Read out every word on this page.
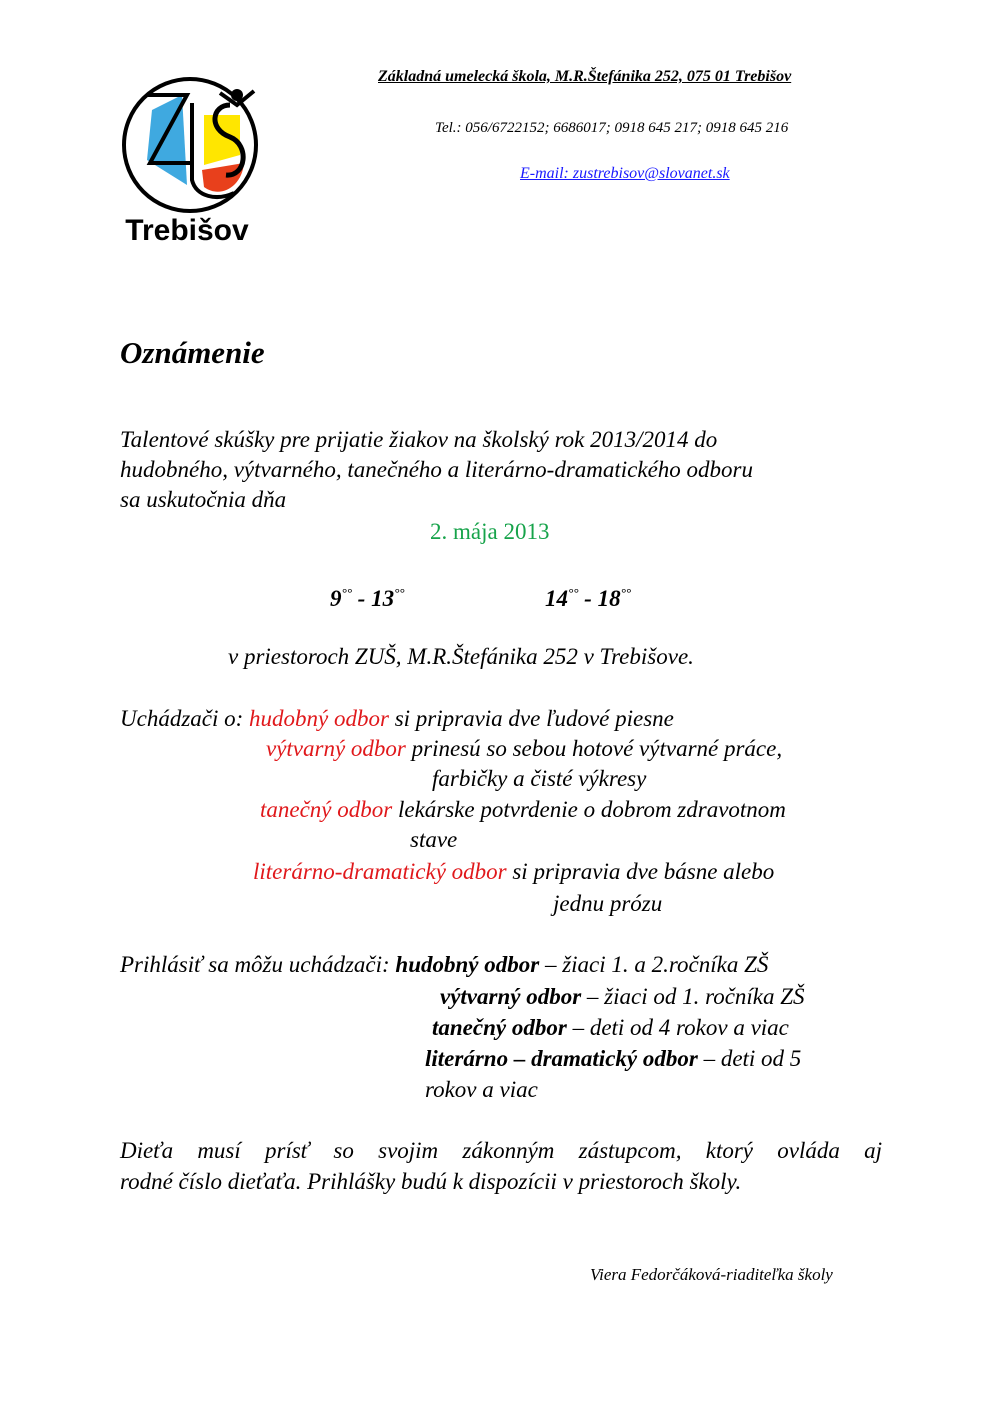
Trebišov
Základná umelecká škola, M.R.Štefánika 252, 075 01 Trebišov
Tel.: 056/6722152; 6686017; 0918 645 217; 0918 645 216
E-mail: zustrebisov@slovanet.sk
Oznámenie
Talentové skúšky pre prijatie žiakov na školský rok 2013/2014 do
hudobného, výtvarného, tanečného a literárno-dramatického odboru
sa uskutočnia dňa
2. mája 2013
9°° - 13°°	14°° - 18°°
v priestoroch ZUŠ, M.R.Štefánika 252 v Trebišove.
Uchádzači o: hudobný odbor si pripravia dve ľudové piesne
výtvarný odbor prinesú so sebou hotové výtvarné práce,
farbičky a čisté výkresy
tanečný odbor lekárske potvrdenie o dobrom zdravotnom
stave
literárno-dramatický odbor si pripravia dve básne alebo
jednu prózu
Prihlásiť sa môžu uchádzači: hudobný odbor – žiaci 1. a 2.ročníka ZŠ
výtvarný odbor – žiaci od 1. ročníka ZŠ
tanečný odbor – deti od 4 rokov a viac
literárno – dramatický odbor – deti od 5
rokov a viac
Dieťa musí prísť so svojim zákonným zástupcom, ktorý ovláda aj
rodné číslo dieťaťa. Prihlášky budú k dispozícii v priestoroch školy.
Viera Fedorčáková-riaditeľka školy
